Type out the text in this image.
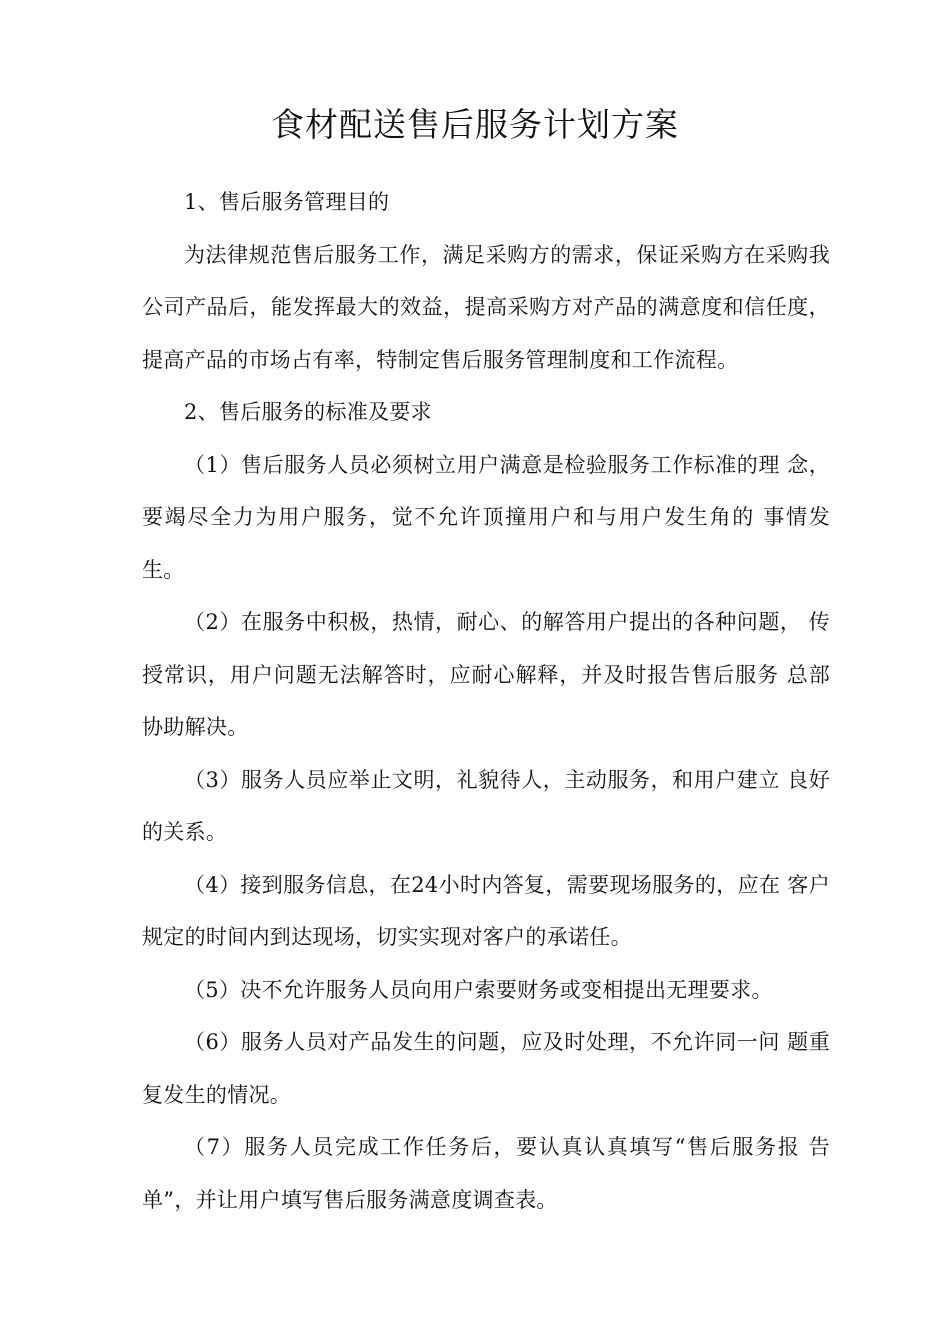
食材配送售后服务计划方案

1、售后服务管理目的

为法律规范售后服务工作，满足采购方的需求，保证采购方在采购我公司产品后，能发挥最大的效益，提高采购方对产品的满意度和信任度，提高产品的市场占有率，特制定售后服务管理制度和工作流程。

2、售后服务的标准及要求

（1）售后服务人员必须树立用户满意是检验服务工作标准的理 念，要竭尽全力为用户服务，觉不允许顶撞用户和与用户发生角的 事情发生。

（2）在服务中积极，热情，耐心、的解答用户提出的各种问题， 传授常识，用户问题无法解答时，应耐心解释，并及时报告售后服务 总部协助解决。

（3）服务人员应举止文明，礼貌待人，主动服务，和用户建立 良好的关系。

（4）接到服务信息，在24小时内答复，需要现场服务的，应在 客户规定的时间内到达现场，切实实现对客户的承诺任。

（5）决不允许服务人员向用户索要财务或变相提出无理要求。

（6）服务人员对产品发生的问题，应及时处理，不允许同一问 题重复发生的情况。

（7）服务人员完成工作任务后，要认真认真填写“售后服务报 告单”，并让用户填写售后服务满意度调查表。
